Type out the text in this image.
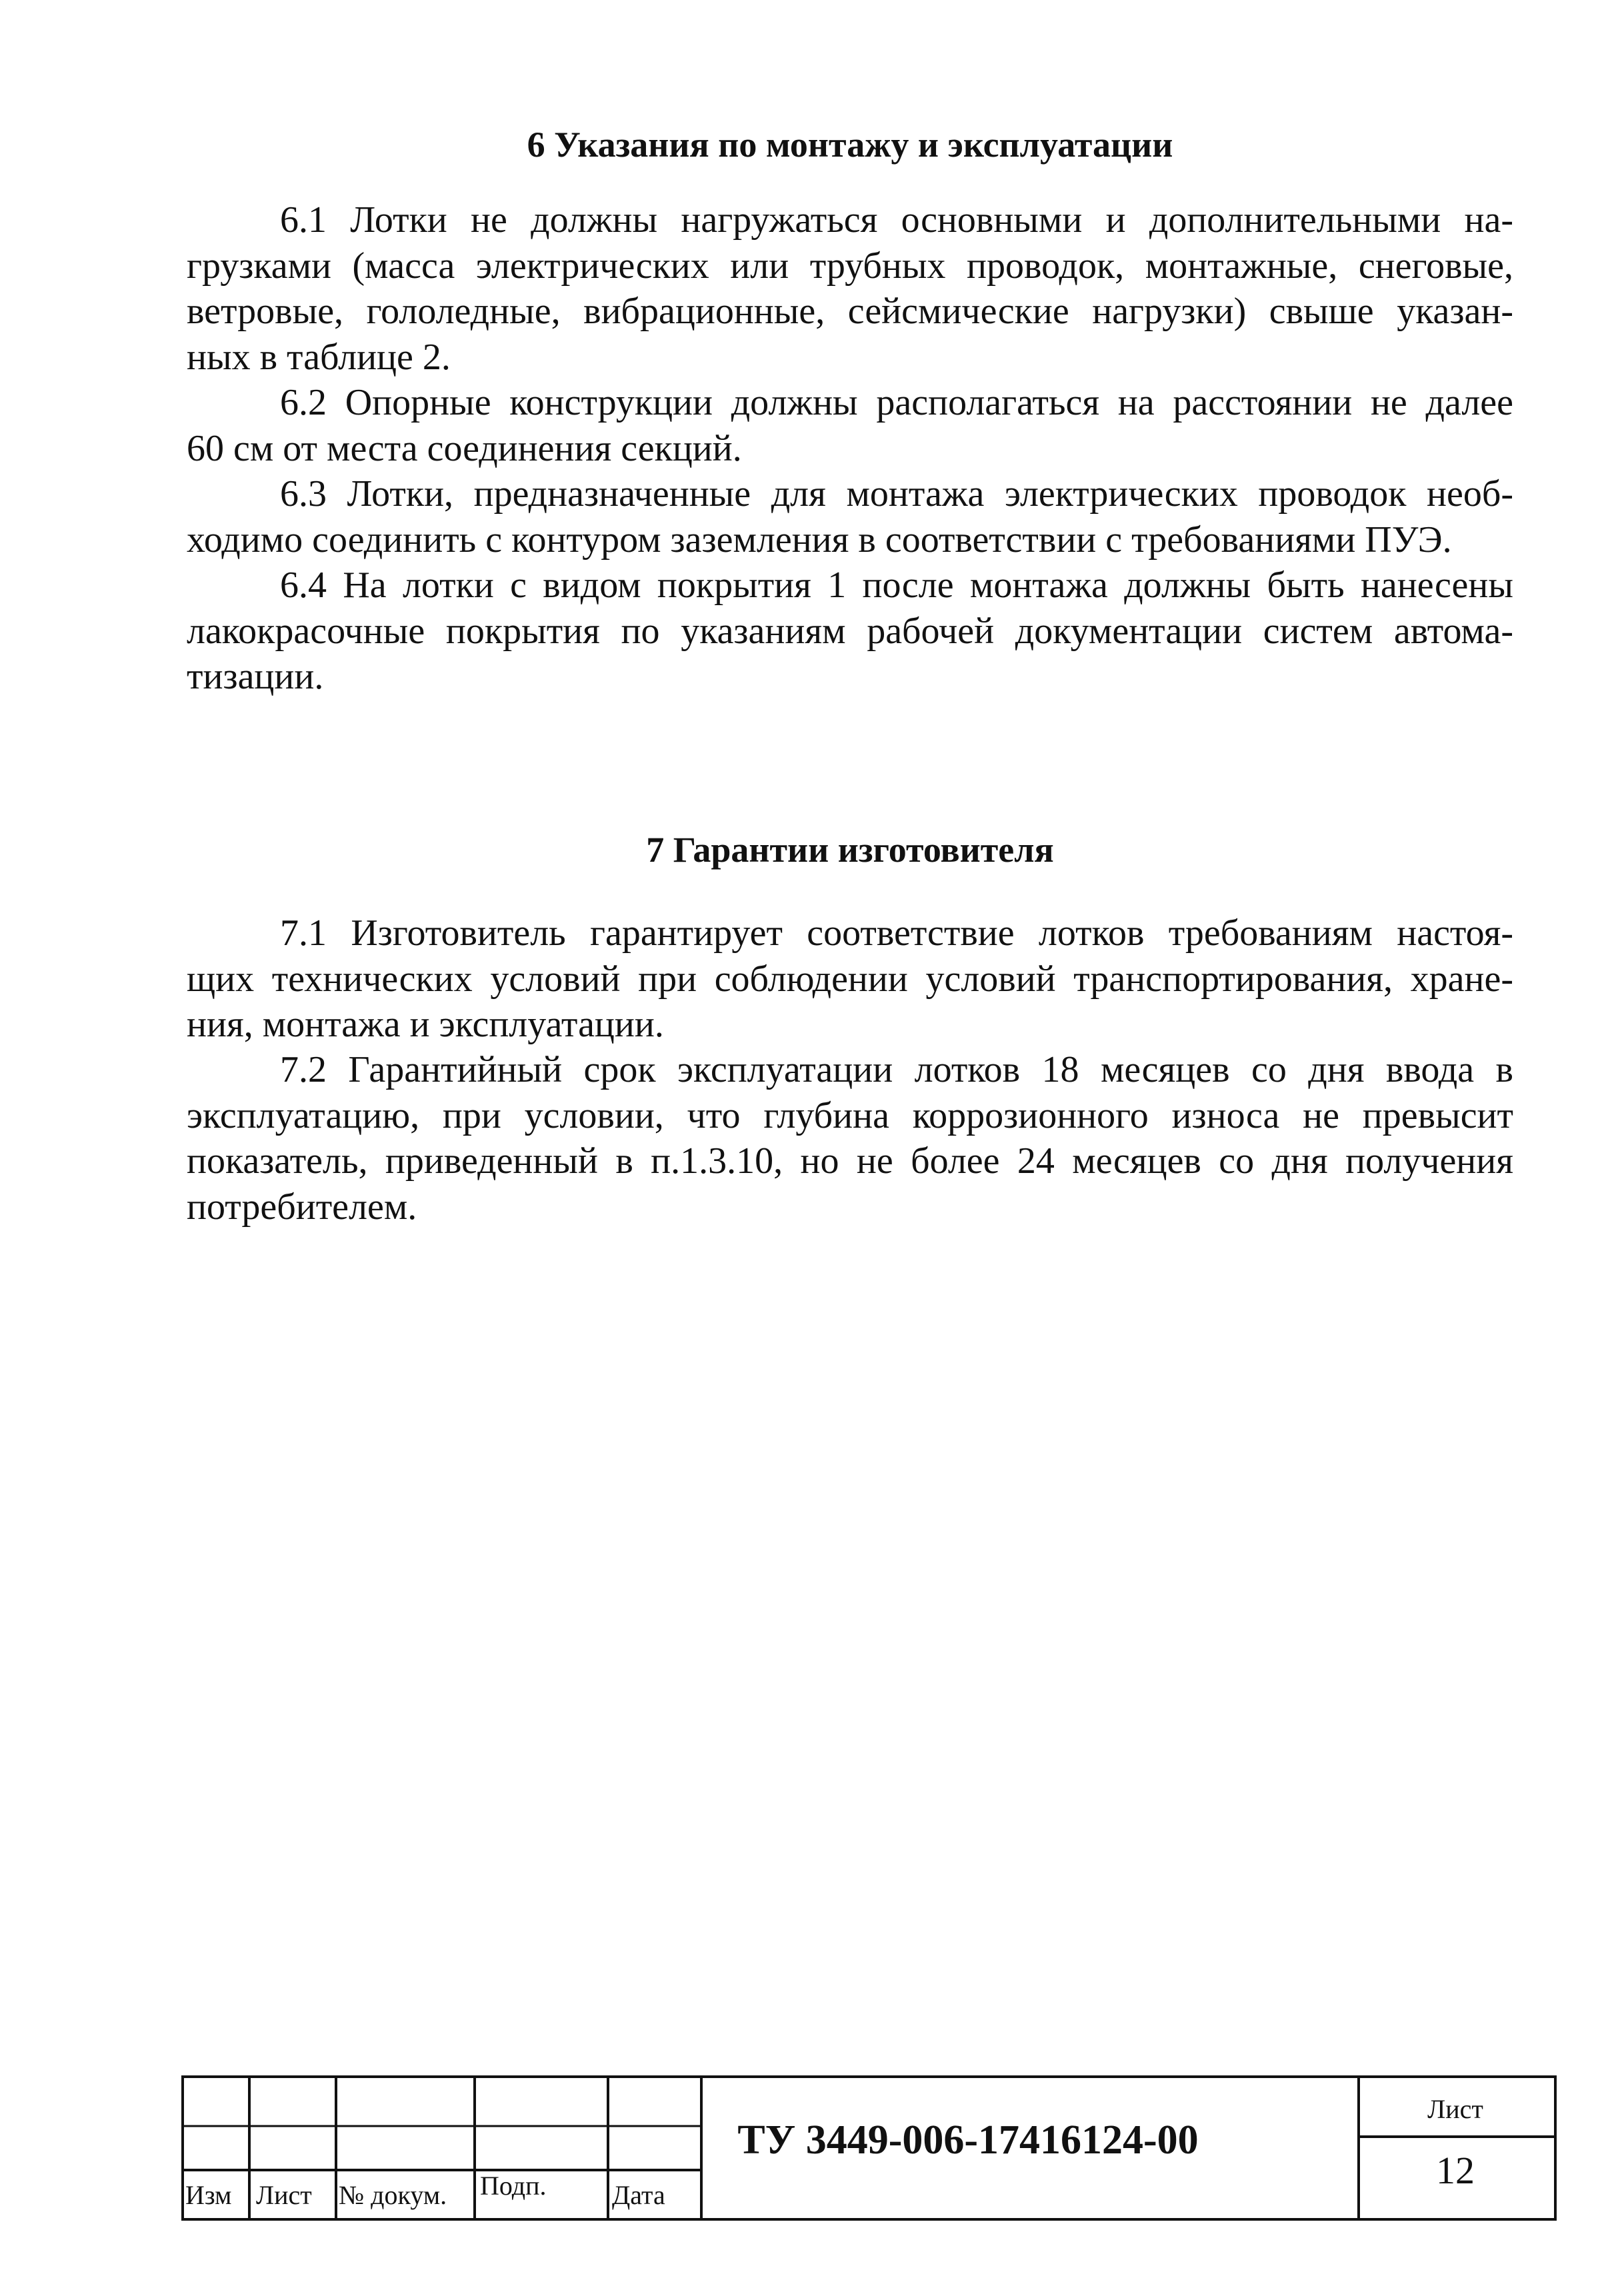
6 Указания по монтажу и эксплуатации
6.1 Лотки не должны нагружаться основными и дополнительными на-
грузками (масса электрических или трубных проводок, монтажные, снеговые,
ветровые, гололедные, вибрационные, сейсмические нагрузки) свыше указан-
ных в таблице 2.
6.2 Опорные конструкции должны располагаться на расстоянии не далее
60 см от места соединения секций.
6.3 Лотки, предназначенные для монтажа электрических проводок необ-
ходимо соединить с контуром заземления в соответствии с требованиями ПУЭ.
6.4 На лотки с видом покрытия 1 после монтажа должны быть нанесены
лакокрасочные покрытия по указаниям рабочей документации систем автома-
тизации.
7 Гарантии изготовителя
7.1 Изготовитель гарантирует соответствие лотков требованиям настоя-
щих технических условий при соблюдении условий транспортирования, хране-
ния, монтажа и эксплуатации.
7.2 Гарантийный срок эксплуатации лотков 18 месяцев со дня ввода в
эксплуатацию, при условии, что глубина коррозионного износа не превысит
показатель, приведенный в п.1.3.10, но не более 24 месяцев со дня получения
потребителем.
Изм Лист № докум. Подп. Дата
ТУ 3449-006-17416124-00
Лист
12
